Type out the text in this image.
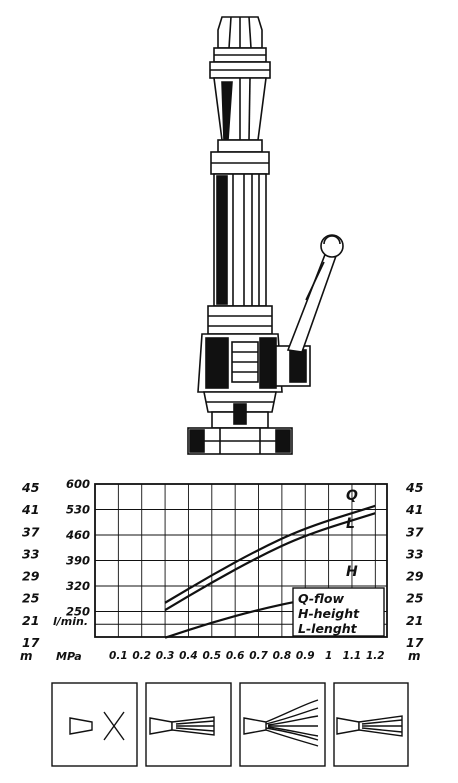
0.1 0.2 0.3 0.4 0.5 0.6 0.7 0.8 0.9 1 1.1 1.2
600
530
460
390
320
250
45
41
37
33
29
25
21
17
45
41
37
33
29
25
21
17
Q
L
H
Q-flow
H-height
L-lenght
l/min.
MPa
m	m
